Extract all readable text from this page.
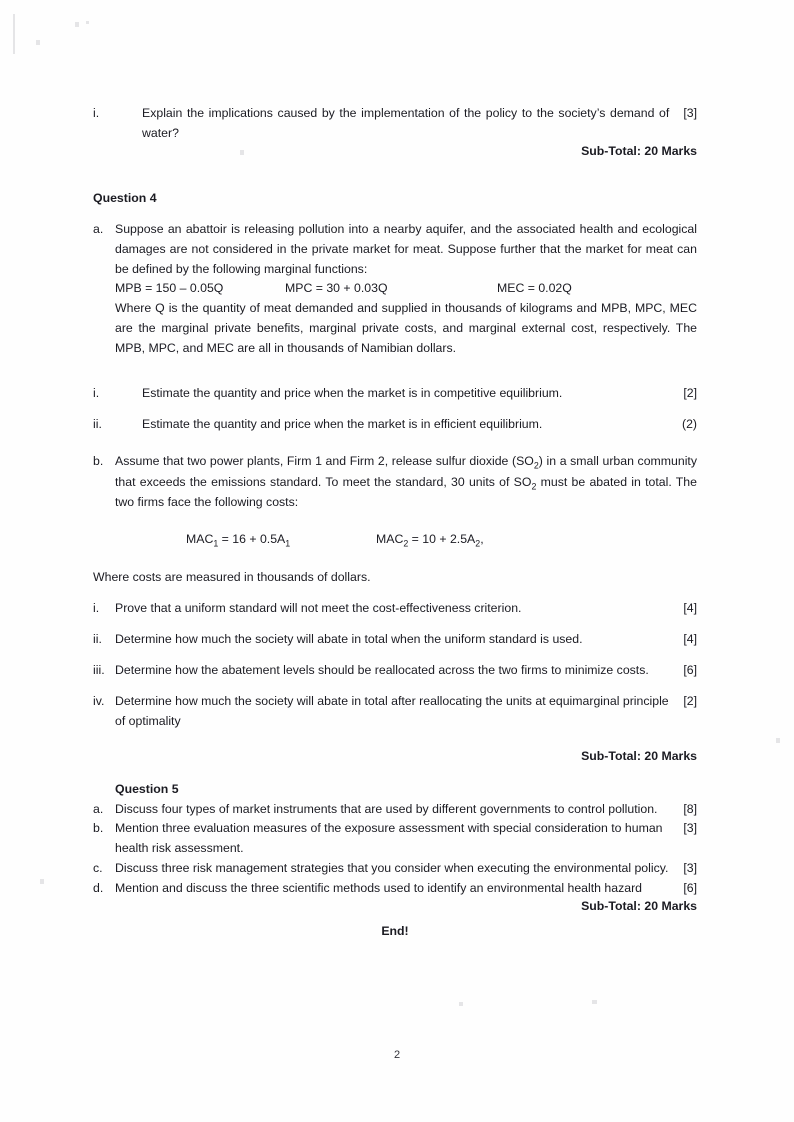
i.	[3]
Explain the implications caused by the implementation of the policy to the society’s demand of water?
Sub-Total: 20 Marks
Question 4
a. Suppose an abattoir is releasing pollution into a nearby aquifer, and the associated health and ecological damages are not considered in the private market for meat. Suppose further that the market for meat can be defined by the following marginal functions:
MPB = 150 – 0.05Q	MPC = 30 + 0.03Q	MEC = 0.02Q
Where Q is the quantity of meat demanded and supplied in thousands of kilograms and MPB, MPC, MEC are the marginal private benefits, marginal private costs, and marginal external cost, respectively. The MPB, MPC, and MEC are all in thousands of Namibian dollars.
i.	[2]
Estimate the quantity and price when the market is in competitive equilibrium.
ii.	(2)
Estimate the quantity and price when the market is in efficient equilibrium.
b. Assume that two power plants, Firm 1 and Firm 2, release sulfur dioxide $(SO_2)$ in a small urban community that exceeds the emissions standard. To meet the standard, 30 units of $SO_2$ must be abated in total. The two firms face the following costs:
$MAC_1 = 16 + 0.5A_1$	$MAC_2 = 10 + 2.5A_2$,
Where costs are measured in thousands of dollars.
i.	[4]
Prove that a uniform standard will not meet the cost-effectiveness criterion.
ii.	[4]
Determine how much the society will abate in total when the uniform standard is used.
iii.	[6]
Determine how the abatement levels should be reallocated across the two firms to minimize costs.
iv.	[2]
Determine how much the society will abate in total after reallocating the units at equimarginal principle of optimality
Sub-Total: 20 Marks
Question 5
a.	[8]
Discuss four types of market instruments that are used by different governments to control pollution.
b.	[3]
Mention three evaluation measures of the exposure assessment with special consideration to human health risk assessment.
c.	[3]
Discuss three risk management strategies that you consider when executing the environmental policy.
d.	[6]
Mention and discuss the three scientific methods used to identify an environmental health hazard
Sub-Total: 20 Marks
End!
2
